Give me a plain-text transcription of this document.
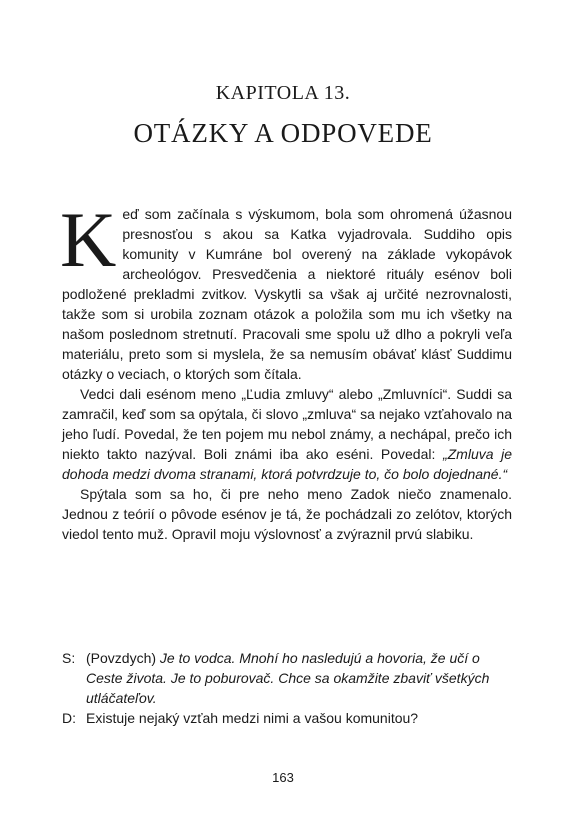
KAPITOLA 13.
OTÁZKY A ODPOVEDE

Keď som začínala s výskumom, bola som ohromená úžasnou presnosťou s akou sa Katka vyjadrovala. Suddiho opis komunity v Kumráne bol overený na základe vykopávok archeológov. Presvedčenia a niektoré rituály esénov boli podložené prekladmi zvitkov. Vyskytli sa však aj určité nezrovnalosti, takže som si urobila zoznam otázok a položila som mu ich všetky na našom poslednom stretnutí. Pracovali sme spolu už dlho a pokryli veľa materiálu, preto som si myslela, že sa nemusím obávať klásť Suddimu otázky o veciach, o ktorých som čítala.

Vedci dali esénom meno „Ľudia zmluvy“ alebo „Zmluvníci“. Suddi sa zamračil, keď som sa opýtala, či slovo „zmluva“ sa nejako vzťahovalo na jeho ľudí. Povedal, že ten pojem mu nebol známy, a nechápal, prečo ich niekto takto nazýval. Boli známi iba ako eséni. Povedal: „Zmluva je dohoda medzi dvoma stranami, ktorá potvrdzuje to, čo bolo dojednané.“

Spýtala som sa ho, či pre neho meno Zadok niečo znamenalo. Jednou z teórií o pôvode esénov je tá, že pochádzali zo zelótov, ktorých viedol tento muž. Opravil moju výslovnosť a zvýraznil prvú slabiku.

S: (Povzdych) Je to vodca. Mnohí ho nasledujú a hovoria, že učí o Ceste života. Je to poburovač. Chce sa okamžite zbaviť všetkých utláčateľov.
D: Existuje nejaký vzťah medzi nimi a vašou komunitou?
163
